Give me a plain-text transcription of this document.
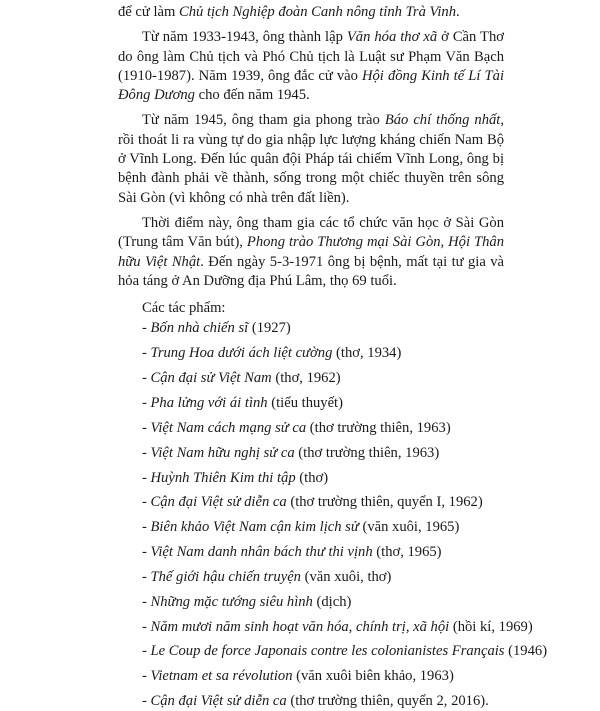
để cử làm Chủ tịch Nghiệp đoàn Canh nông tỉnh Trà Vinh.

Từ năm 1933-1943, ông thành lập Văn hóa thơ xã ở Cần Thơ do ông làm Chủ tịch và Phó Chủ tịch là Luật sư Phạm Văn Bạch (1910-1987). Năm 1939, ông đắc cử vào Hội đồng Kinh tế Lí Tài Đông Dương cho đến năm 1945.

Từ năm 1945, ông tham gia phong trào Báo chí thống nhất, rồi thoát li ra vùng tự do gia nhập lực lượng kháng chiến Nam Bộ ở Vĩnh Long. Đến lúc quân đội Pháp tái chiếm Vĩnh Long, ông bị bệnh đành phải về thành, sống trong một chiếc thuyền trên sông Sài Gòn (vì không có nhà trên đất liền).

Thời điểm này, ông tham gia các tổ chức văn học ở Sài Gòn (Trung tâm Văn bút), Phong trào Thương mại Sài Gòn, Hội Thân hữu Việt Nhật. Đến ngày 5-3-1971 ông bị bệnh, mất tại tư gia và hỏa táng ở An Dưỡng địa Phú Lâm, thọ 69 tuổi.

Các tác phẩm:

- Bốn nhà chiến sĩ (1927)
- Trung Hoa dưới ách liệt cường (thơ, 1934)
- Cận đại sử Việt Nam (thơ, 1962)
- Pha lửng với ái tình (tiểu thuyết)
- Việt Nam cách mạng sử ca (thơ trường thiên, 1963)
- Việt Nam hữu nghị sử ca (thơ trường thiên, 1963)
- Huỳnh Thiên Kim thi tập (thơ)
- Cận đại Việt sử diễn ca (thơ trường thiên, quyển I, 1962)
- Biên khảo Việt Nam cận kim lịch sử (văn xuôi, 1965)
- Việt Nam danh nhân bách thư thi vịnh (thơ, 1965)
- Thế giới hậu chiến truyện (văn xuôi, thơ)
- Những mặc tướng siêu hình (dịch)
- Năm mươi năm sinh hoạt văn hóa, chính trị, xã hội (hồi kí, 1969)
- Le Coup de force Japonais contre les colonianistes Français (1946)
- Vietnam et sa révolution (văn xuôi biên khảo, 1963)
- Cận đại Việt sử diễn ca (thơ trường thiên, quyển 2, 2016).
